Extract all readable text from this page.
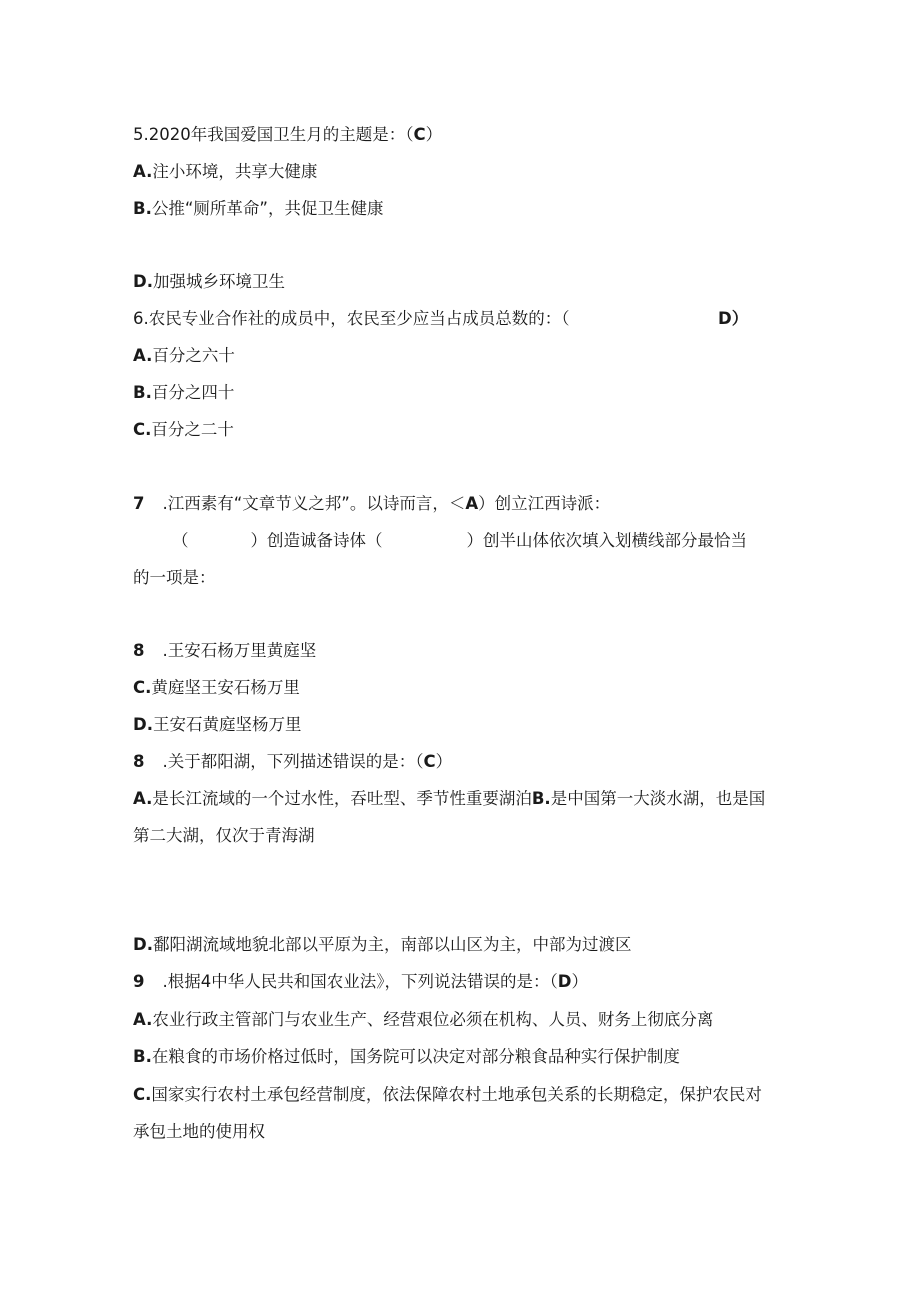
5.2020年我国爱国卫生月的主题是：（C）
A.注小环境，共享大健康
B.公推“厕所革命”，共促卫生健康
D.加强城乡环境卫生
6.农民专业合作社的成员中，农民至少应当占成员总数的：（	D）
A.百分之六十
B.百分之四十
C.百分之二十
7 .江西素有“文章节义之邦”。以诗而言，＜A）创立江西诗派：
（	）创造诚备诗体（	）创半山体依次填入划横线部分最恰当
的一项是：
8 .王安石杨万里黄庭坚
C.黄庭坚王安石杨万里
D.王安石黄庭坚杨万里
8 .关于都阳湖，下列描述错误的是：（C）
A.是长江流域的一个过水性，吞吐型、季节性重要湖泊B.是中国第一大淡水湖，也是国
第二大湖，仅次于青海湖
D.鄱阳湖流域地貌北部以平原为主，南部以山区为主，中部为过渡区
9 .根据4中华人民共和国农业法》，下列说法错误的是：（D）
A.农业行政主管部门与农业生产、经营艰位必须在机构、人员、财务上彻底分离
B.在粮食的市场价格过低时，国务院可以决定对部分粮食品种实行保护制度
C.国家实行农村土承包经营制度，依法保障农村土地承包关系的长期稳定，保护农民对
承包土地的使用权
